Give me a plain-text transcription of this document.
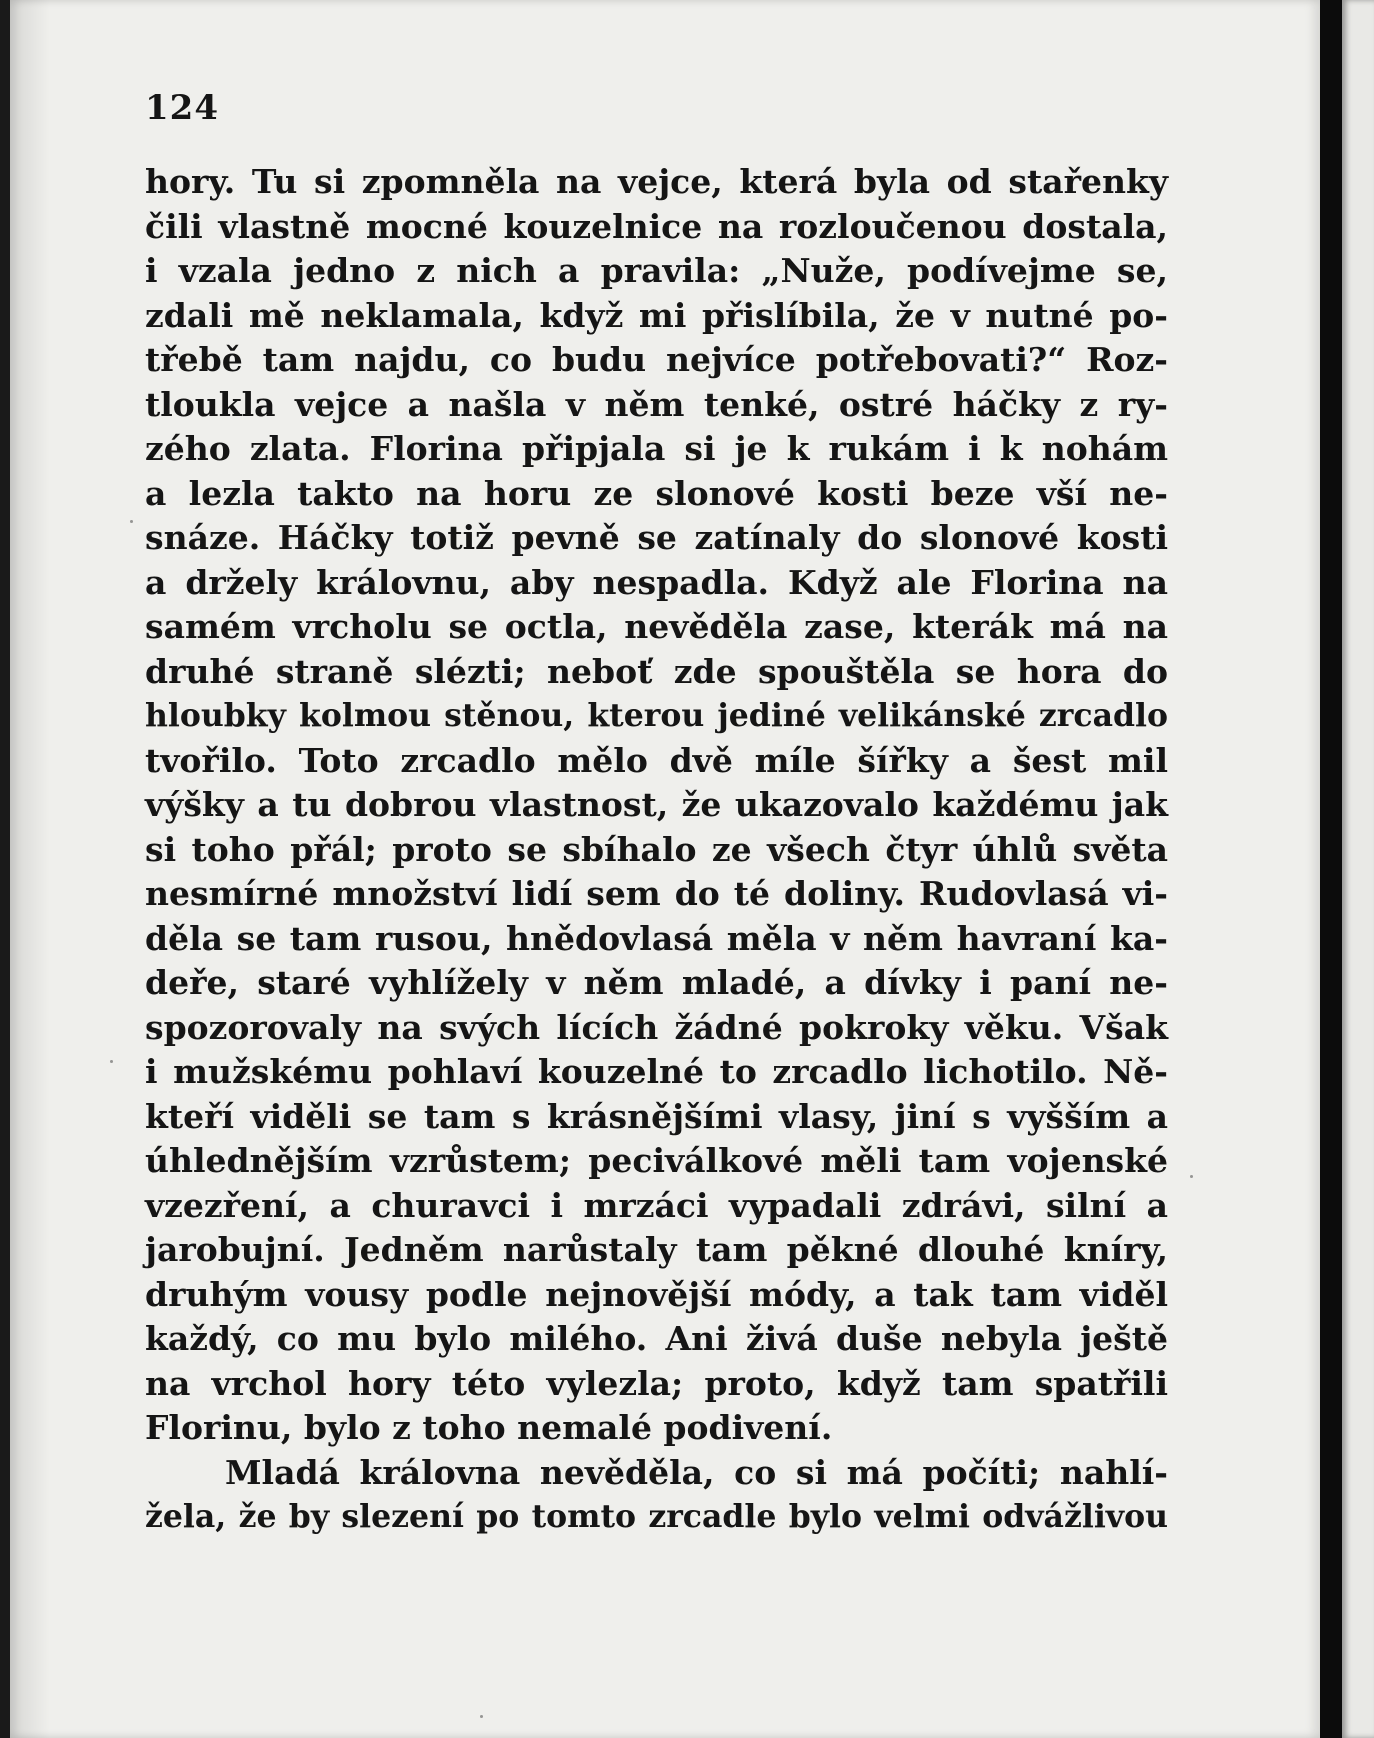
124
hory. Tu si zpomněla na vejce, která byla od stařenky
čili vlastně mocné kouzelnice na rozloučenou dostala,
i vzala jedno z nich a pravila: „Nuže, podívejme se,
zdali mě neklamala, když mi přislíbila, že v nutné po-
třebě tam najdu, co budu nejvíce potřebovati?“ Roz-
tloukla vejce a našla v něm tenké, ostré háčky z ry-
zého zlata. Florina připjala si je k rukám i k nohám
a lezla takto na horu ze slonové kosti beze vší ne-
snáze. Háčky totiž pevně se zatínaly do slonové kosti
a držely královnu, aby nespadla. Když ale Florina na
samém vrcholu se octla, nevěděla zase, kterák má na
druhé straně slézti; neboť zde spouštěla se hora do
hloubky kolmou stěnou, kterou jediné velikánské zrcadlo
tvořilo. Toto zrcadlo mělo dvě míle šířky a šest mil
výšky a tu dobrou vlastnost, že ukazovalo každému jak
si toho přál; proto se sbíhalo ze všech čtyr úhlů světa
nesmírné množství lidí sem do té doliny. Rudovlasá vi-
děla se tam rusou, hnědovlasá měla v něm havraní ka-
deře, staré vyhlížely v něm mladé, a dívky i paní ne-
spozorovaly na svých lících žádné pokroky věku. Však
i mužskému pohlaví kouzelné to zrcadlo lichotilo. Ně-
kteří viděli se tam s krásnějšími vlasy, jiní s vyšším a
úhlednějším vzrůstem; peciválkové měli tam vojenské
vzezření, a churavci i mrzáci vypadali zdrávi, silní a
jarobujní. Jedněm narůstaly tam pěkné dlouhé kníry,
druhým vousy podle nejnovější módy, a tak tam viděl
každý, co mu bylo milého. Ani živá duše nebyla ještě
na vrchol hory této vylezla; proto, když tam spatřili
Florinu, bylo z toho nemalé podivení.
Mladá královna nevěděla, co si má počíti; nahlí-
žela, že by slezení po tomto zrcadle bylo velmi odvážlivou
